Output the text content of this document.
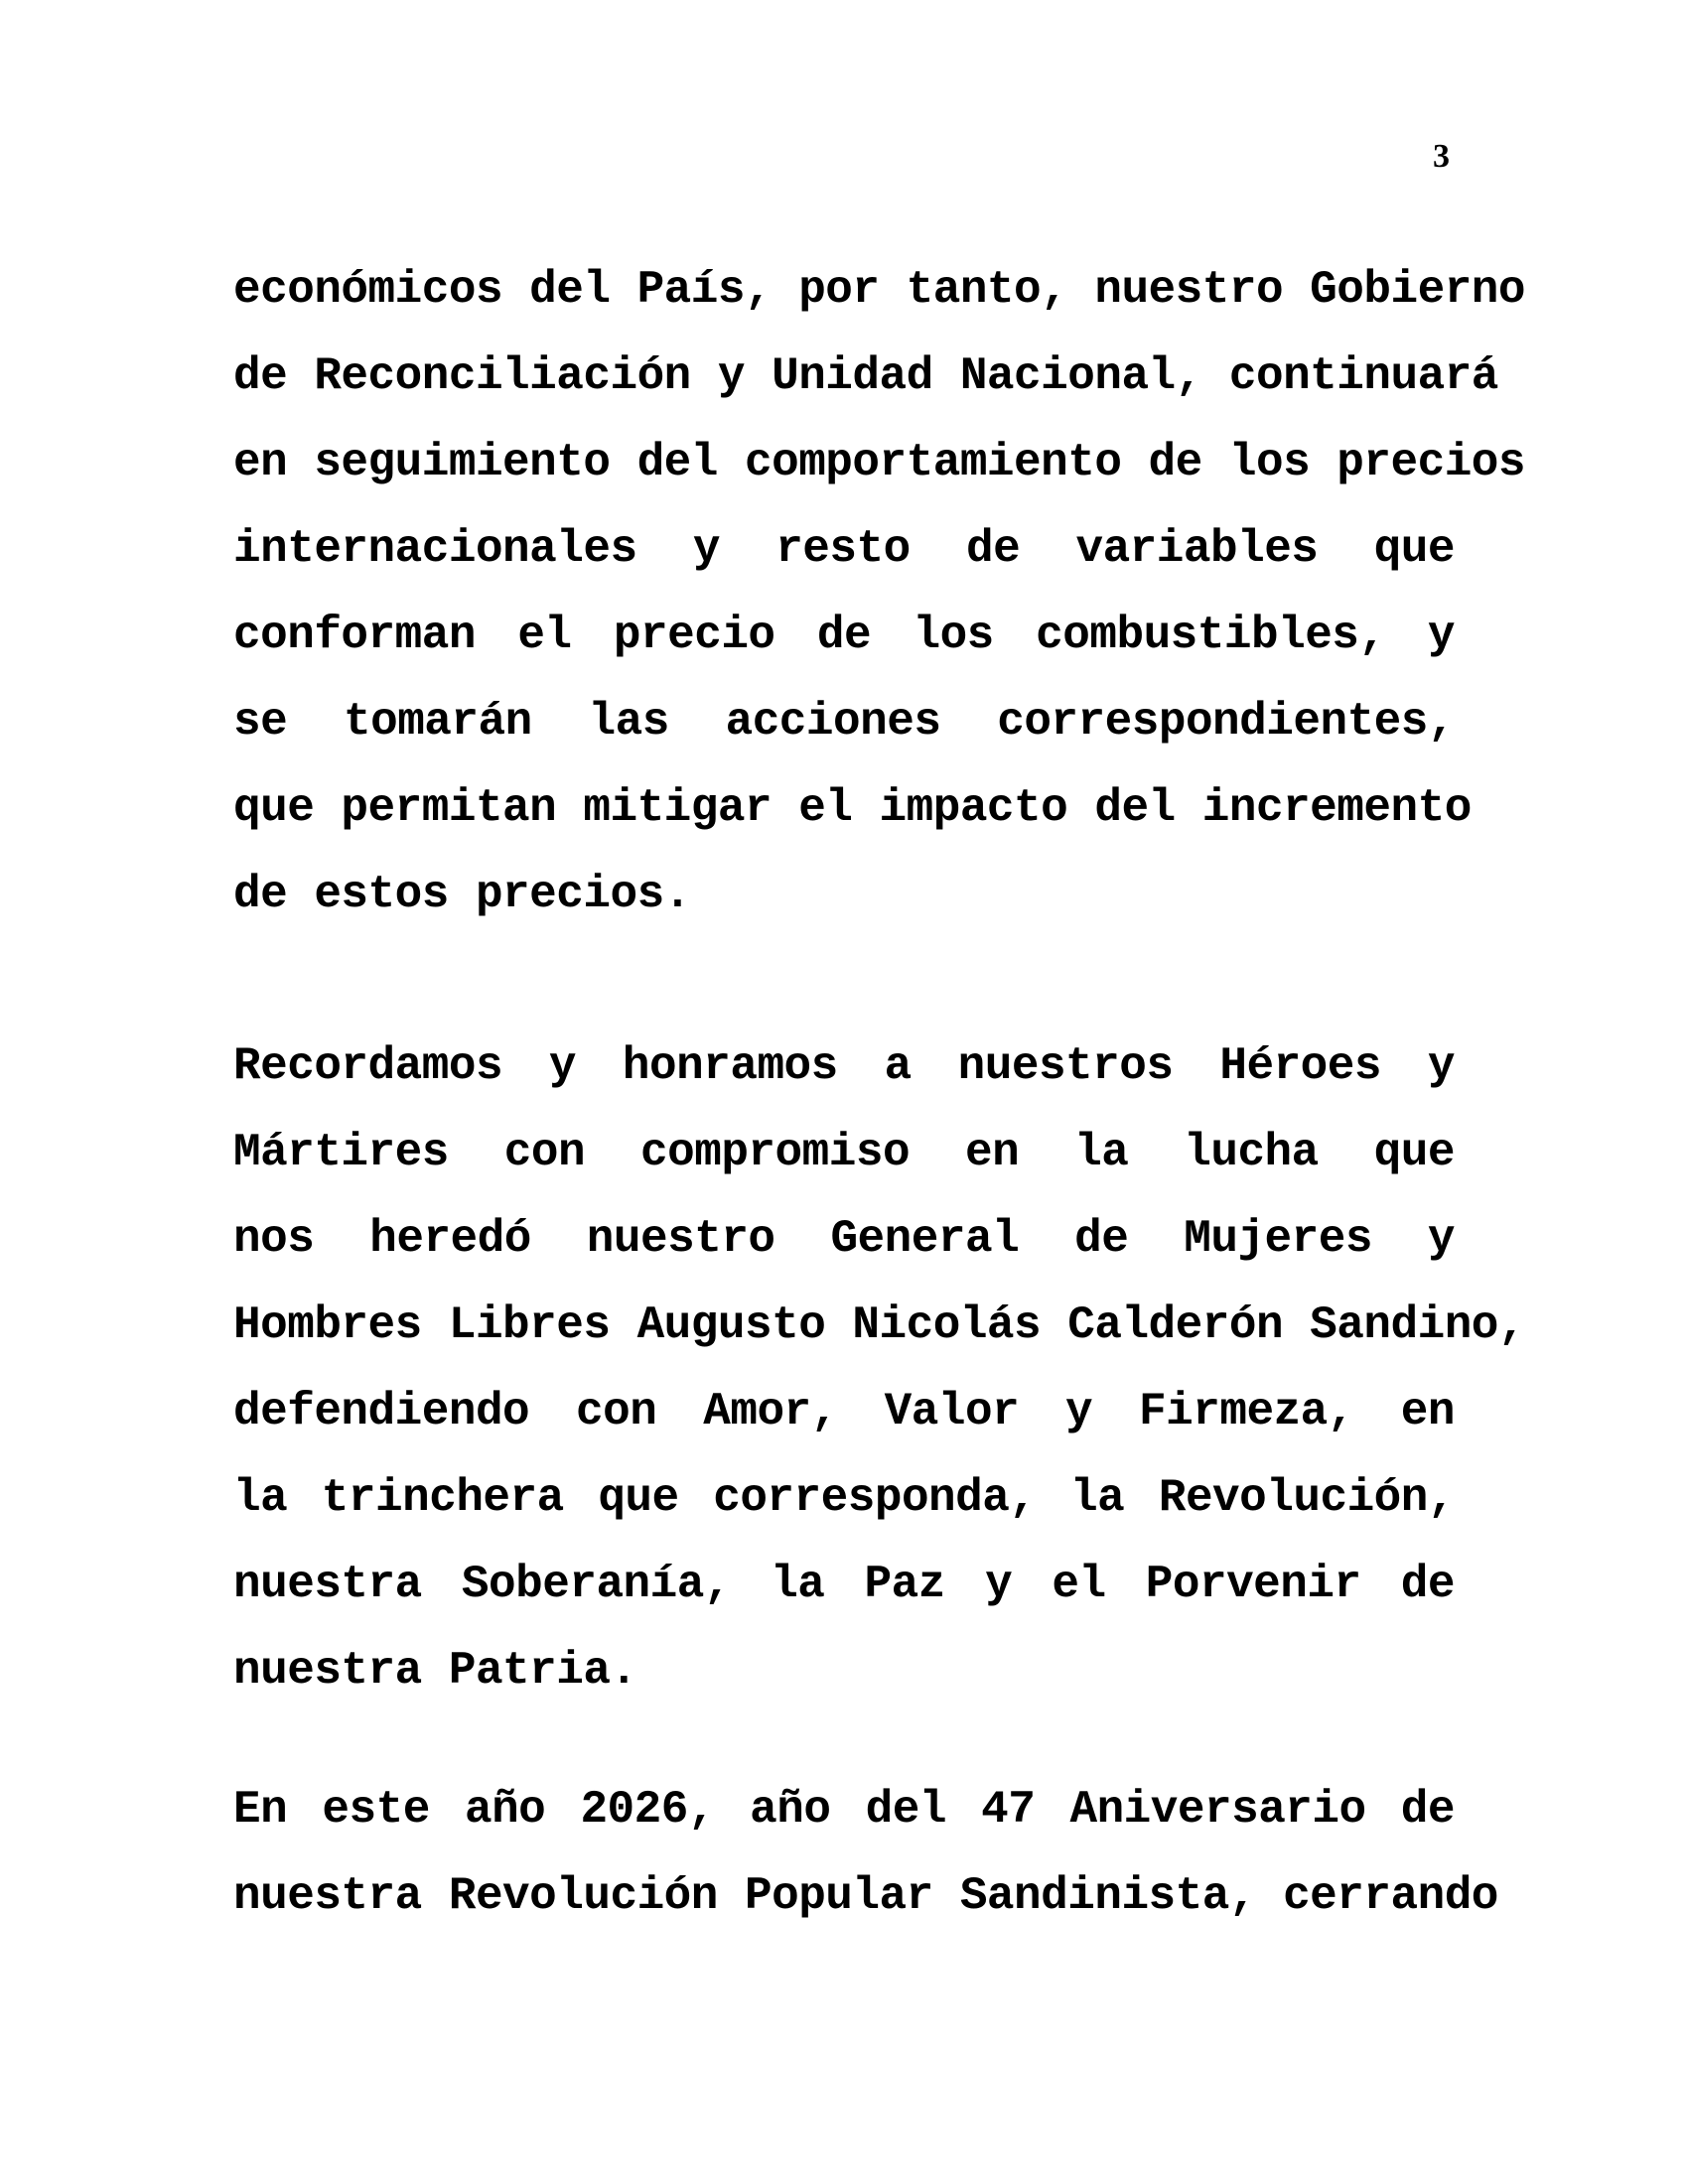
3
económicos del País, por tanto, nuestro Gobierno
de Reconciliación y Unidad Nacional, continuará
en seguimiento del comportamiento de los precios
internacionales y resto de variables que
conforman el precio de los combustibles, y
se tomarán las acciones correspondientes,
que permitan mitigar el impacto del incremento
de estos precios.
Recordamos y honramos a nuestros Héroes y
Mártires con compromiso en la lucha que
nos heredó nuestro General de Mujeres y
Hombres Libres Augusto Nicolás Calderón Sandino,
defendiendo con Amor, Valor y Firmeza, en
la trinchera que corresponda, la Revolución,
nuestra Soberanía, la Paz y el Porvenir de
nuestra Patria.
En este año 2026, año del 47 Aniversario de
nuestra Revolución Popular Sandinista, cerrando
